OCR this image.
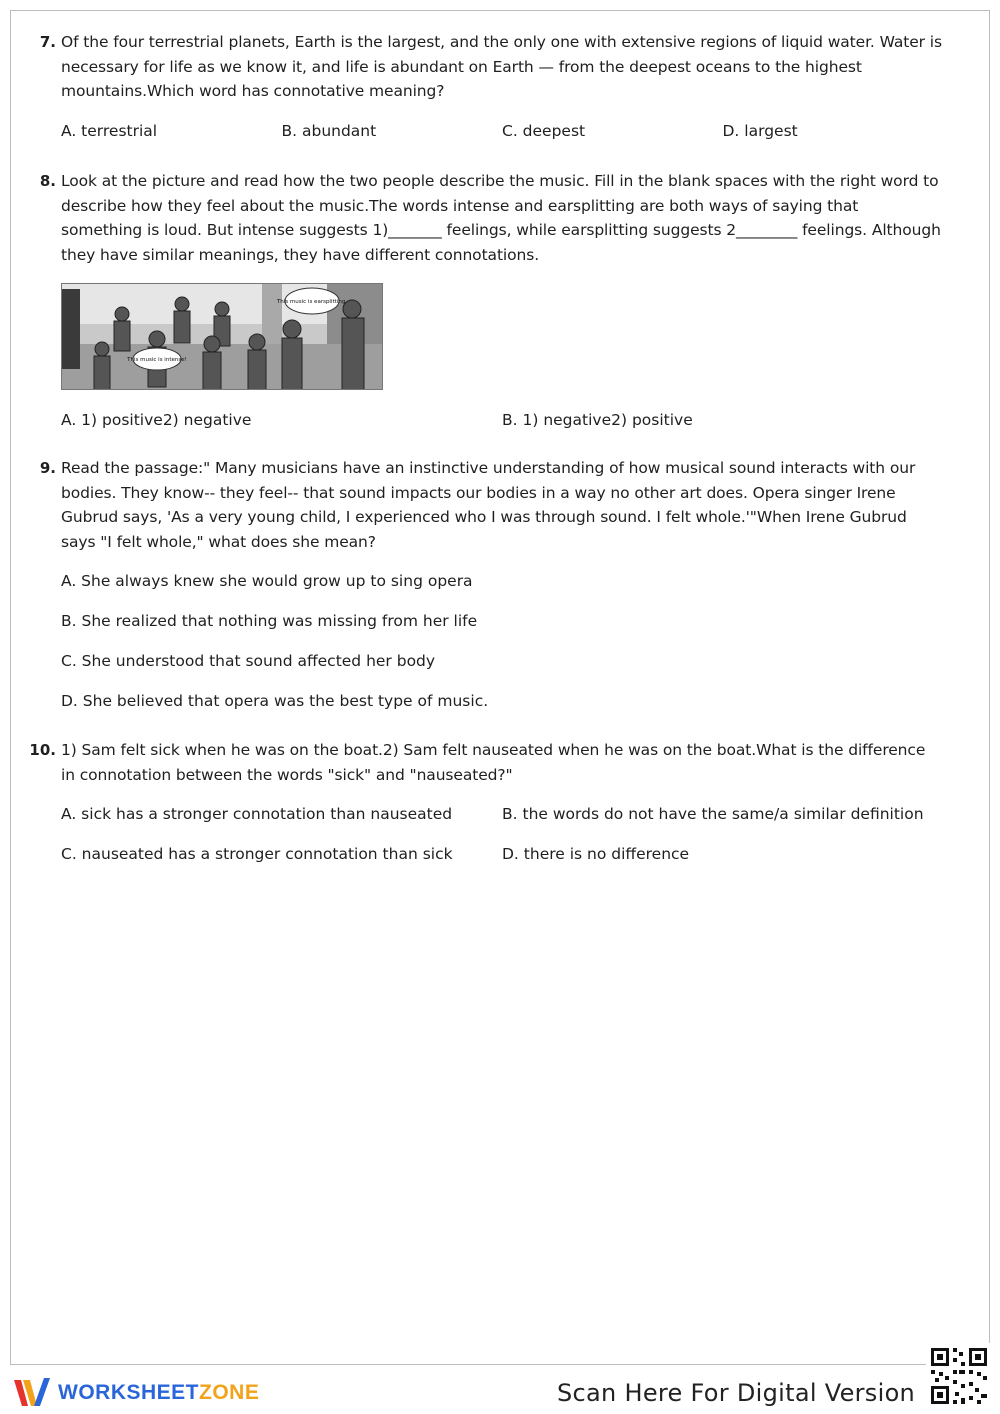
7. Of the four terrestrial planets, Earth is the largest, and the only one with extensive regions of liquid water. Water is necessary for life as we know it, and life is abundant on Earth — from the deepest oceans to the highest mountains.Which word has connotative meaning?
A. terrestrial	B. abundant	C. deepest	D. largest
8. Look at the picture and read how the two people describe the music. Fill in the blank spaces with the right word to describe how they feel about the music.The words intense and earsplitting are both ways of saying that something is loud. But intense suggests 1)_______ feelings, while earsplitting suggests 2________ feelings. Although they have similar meanings, they have different connotations.
This music is earsplitting.
This music is intense!
A. 1) positive2) negative	B. 1) negative2) positive
9. Read the passage:" Many musicians have an instinctive understanding of how musical sound interacts with our bodies. They know-- they feel-- that sound impacts our bodies in a way no other art does. Opera singer Irene Gubrud says, 'As a very young child, I experienced who I was through sound. I felt whole.'"When Irene Gubrud says "I felt whole," what does she mean?
A. She always knew she would grow up to sing opera
B. She realized that nothing was missing from her life
C. She understood that sound affected her body
D. She believed that opera was the best type of music.
10. 1) Sam felt sick when he was on the boat.2) Sam felt nauseated when he was on the boat.What is the difference in connotation between the words "sick" and "nauseated?"
A. sick has a stronger connotation than nauseated	B. the words do not have the same/a similar definition
C. nauseated has a stronger connotation than sick	D. there is no difference
WORKSHEETZONE	Scan Here For Digital Version
